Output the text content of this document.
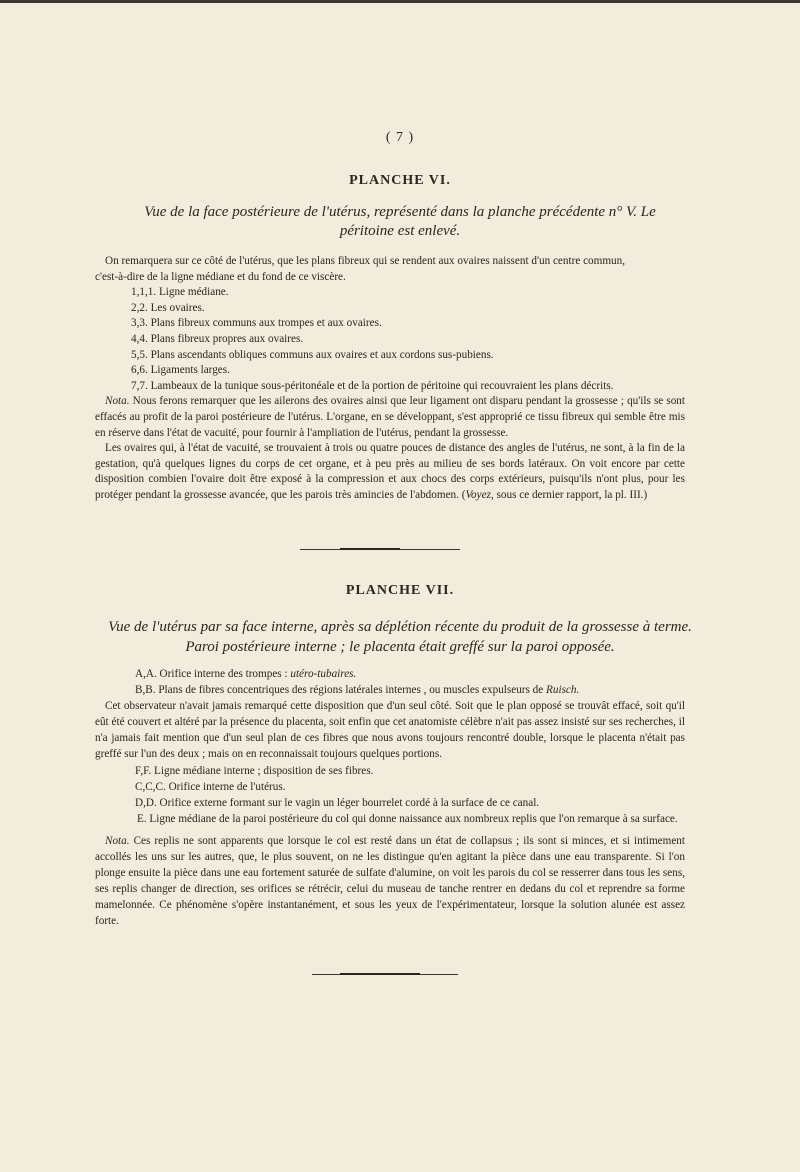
( 7 )
PLANCHE VI.
Vue de la face postérieure de l'utérus, représenté dans la planche précédente n° V. Le
péritoine est enlevé.
On remarquera sur ce côté de l'utérus, que les plans fibreux qui se rendent aux ovaires naissent d'un centre commun,
c'est-à-dire de la ligne médiane et du fond de ce viscère.
1,1,1. Ligne médiane.
2,2. Les ovaires.
3,3. Plans fibreux communs aux trompes et aux ovaires.
4,4. Plans fibreux propres aux ovaires.
5,5. Plans ascendants obliques communs aux ovaires et aux cordons sus-pubiens.
6,6. Ligaments larges.
7,7. Lambeaux de la tunique sous-péritonéale et de la portion de péritoine qui recouvraient les plans décrits.
Nota. Nous ferons remarquer que les ailerons des ovaires ainsi que leur ligament ont disparu pendant la grossesse ; qu'ils se sont effacés au profit de la paroi postérieure de l'utérus. L'organe, en se développant, s'est approprié ce tissu fibreux qui semble être mis en réserve dans l'état de vacuité, pour fournir à l'ampliation de l'utérus, pendant la grossesse.
Les ovaires qui, à l'état de vacuité, se trouvaient à trois ou quatre pouces de distance des angles de l'utérus, ne sont, à la fin de la gestation, qu'à quelques lignes du corps de cet organe, et à peu près au milieu de ses bords latéraux. On voit encore par cette disposition combien l'ovaire doit être exposé à la compression et aux chocs des corps extérieurs, puisqu'ils n'ont plus, pour les protéger pendant la grossesse avancée, que les parois très amincies de l'abdomen. (Voyez, sous ce dernier rapport, la pl. III.)
PLANCHE VII.
Vue de l'utérus par sa face interne, après sa déplétion récente du produit de la grossesse à terme.
Paroi postérieure interne ; le placenta était greffé sur la paroi opposée.
A,A. Orifice interne des trompes : utéro-tubaires.
B,B. Plans de fibres concentriques des régions latérales internes , ou muscles expulseurs de Ruisch.
Cet observateur n'avait jamais remarqué cette disposition que d'un seul côté. Soit que le plan opposé se trouvât effacé, soit qu'il eût été couvert et altéré par la présence du placenta, soit enfin que cet anatomiste célèbre n'ait pas assez insisté sur ses recherches, il n'a jamais fait mention que d'un seul plan de ces fibres que nous avons toujours rencontré double, lorsque le placenta n'était pas greffé sur l'un des deux ; mais on en reconnaissait toujours quelques portions.
F,F. Ligne médiane interne ; disposition de ses fibres.
C,C,C. Orifice interne de l'utérus.
D,D. Orifice externe formant sur le vagin un léger bourrelet cordé à la surface de ce canal.
E. Ligne médiane de la paroi postérieure du col qui donne naissance aux nombreux replis que l'on remarque à sa surface.
Nota. Ces replis ne sont apparents que lorsque le col est resté dans un état de collapsus ; ils sont si minces, et si intimement accollés les uns sur les autres, que, le plus souvent, on ne les distingue qu'en agitant la pièce dans une eau transparente. Si l'on plonge ensuite la pièce dans une eau fortement saturée de sulfate d'alumine, on voit les parois du col se resserrer dans tous les sens, ses replis changer de direction, ses orifices se rétrécir, celui du museau de tanche rentrer en dedans du col et reprendre sa forme mamelonnée. Ce phénomène s'opère instantanément, et sous les yeux de l'expérimentateur, lorsque la solution alunée est assez forte.
